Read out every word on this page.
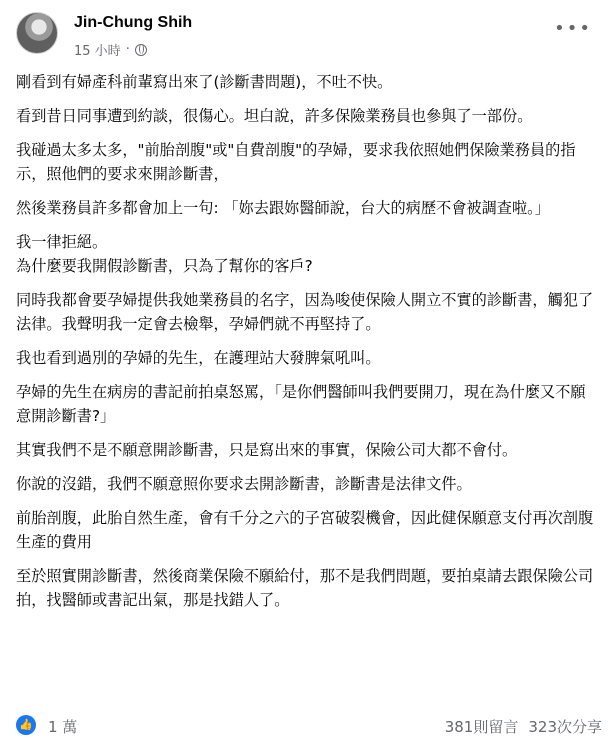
Jin-Chung Shih
15 小時 ·
•••

剛看到有婦產科前輩寫出來了(診斷書問題)，不吐不快。

看到昔日同事遭到約談，很傷心。坦白說，許多保險業務員也參與了一部份。

我碰過太多太多，"前胎剖腹"或"自費剖腹"的孕婦，要求我依照她們保險業務員的指示，照他們的要求來開診斷書，

然後業務員許多都會加上一句: 「妳去跟妳醫師說，台大的病歷不會被調查啦。」

我一律拒絕。
為什麼要我開假診斷書，只為了幫你的客戶?

同時我都會要孕婦提供我她業務員的名字，因為唆使保險人開立不實的診斷書，觸犯了法律。我聲明我一定會去檢舉，孕婦們就不再堅持了。

我也看到過別的孕婦的先生，在護理站大發脾氣吼叫。

孕婦的先生在病房的書記前拍桌怒罵，「是你們醫師叫我們要開刀，現在為什麼又不願意開診斷書?」

其實我們不是不願意開診斷書，只是寫出來的事實，保險公司大都不會付。

你說的沒錯，我們不願意照你要求去開診斷書，診斷書是法律文件。

前胎剖腹，此胎自然生產，會有千分之六的子宮破裂機會，因此健保願意支付再次剖腹生產的費用

至於照實開診斷書，然後商業保險不願給付，那不是我們問題，要拍桌請去跟保險公司拍，找醫師或書記出氣，那是找錯人了。

👍 1 萬	381則留言 323次分享
